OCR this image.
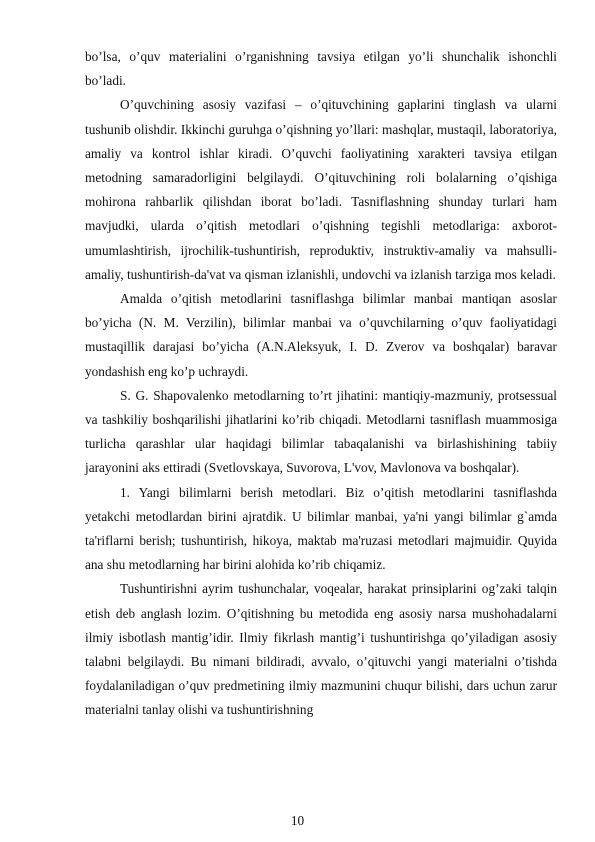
bo’lsa, o’quv materialini o’rganishning tavsiya etilgan yo’li shunchalik ishonchli bo’ladi.

O’quvchining asosiy vazifasi – o’qituvchining gaplarini tinglash va ularni tushunib olishdir. Ikkinchi guruhga o’qishning yo’llari: mashqlar, mustaqil, laboratoriya, amaliy va kontrol ishlar kiradi. O’quvchi faoliyatining xarakteri tavsiya etilgan metodning samaradorligini belgilaydi. O’qituvchining roli bolalarning o’qishiga mohirona rahbarlik qilishdan iborat bo’ladi. Tasniflashning shunday turlari ham mavjudki, ularda o’qitish metodlari o’qishning tegishli metodlariga: axborot-umumlashtirish, ijrochilik-tushuntirish, reproduktiv, instruktiv-amaliy va mahsulli-amaliy, tushuntirish-da'vat va qisman izlanishli, undovchi va izlanish tarziga mos keladi.

Amalda o’qitish metodlarini tasniflashga bilimlar manbai mantiqan asoslar bo’yicha (N. M. Verzilin), bilimlar manbai va o’quvchilarning o’quv faoliyatidagi mustaqillik darajasi bo’yicha (A.N.Aleksyuk, I. D. Zverov va boshqalar) baravar yondashish eng ko’p uchraydi.

S. G. Shapovalenko metodlarning to’rt jihatini: mantiqiy-mazmuniy, protsessual va tashkiliy boshqarilishi jihatlarini ko’rib chiqadi. Metodlarni tasniflash muammosiga turlicha qarashlar ular haqidagi bilimlar tabaqalanishi va birlashishining tabiiy jarayonini aks ettiradi (Svetlovskaya, Suvorova, L'vov, Mavlonova va boshqalar).

1. Yangi bilimlarni berish metodlari. Biz o’qitish metodlarini tasniflashda yetakchi metodlardan birini ajratdik. U bilimlar manbai, ya'ni yangi bilimlar g`amda ta'riflarni berish; tushuntirish, hikoya, maktab ma'ruzasi metodlari majmuidir. Quyida ana shu metodlarning har birini alohida ko’rib chiqamiz.

Tushuntirishni ayrim tushunchalar, voqealar, harakat prinsiplarini og’zaki talqin etish deb anglash lozim. O’qitishning bu metodida eng asosiy narsa mushohadalarni ilmiy isbotlash mantig’idir. Ilmiy fikrlash mantig’i tushuntirishga qo’yiladigan asosiy talabni belgilaydi. Bu nimani bildiradi, avvalo, o’qituvchi yangi materialni o’tishda foydalaniladigan o’quv predmetining ilmiy mazmunini chuqur bilishi, dars uchun zarur materialni tanlay olishi va tushuntirishning

10
